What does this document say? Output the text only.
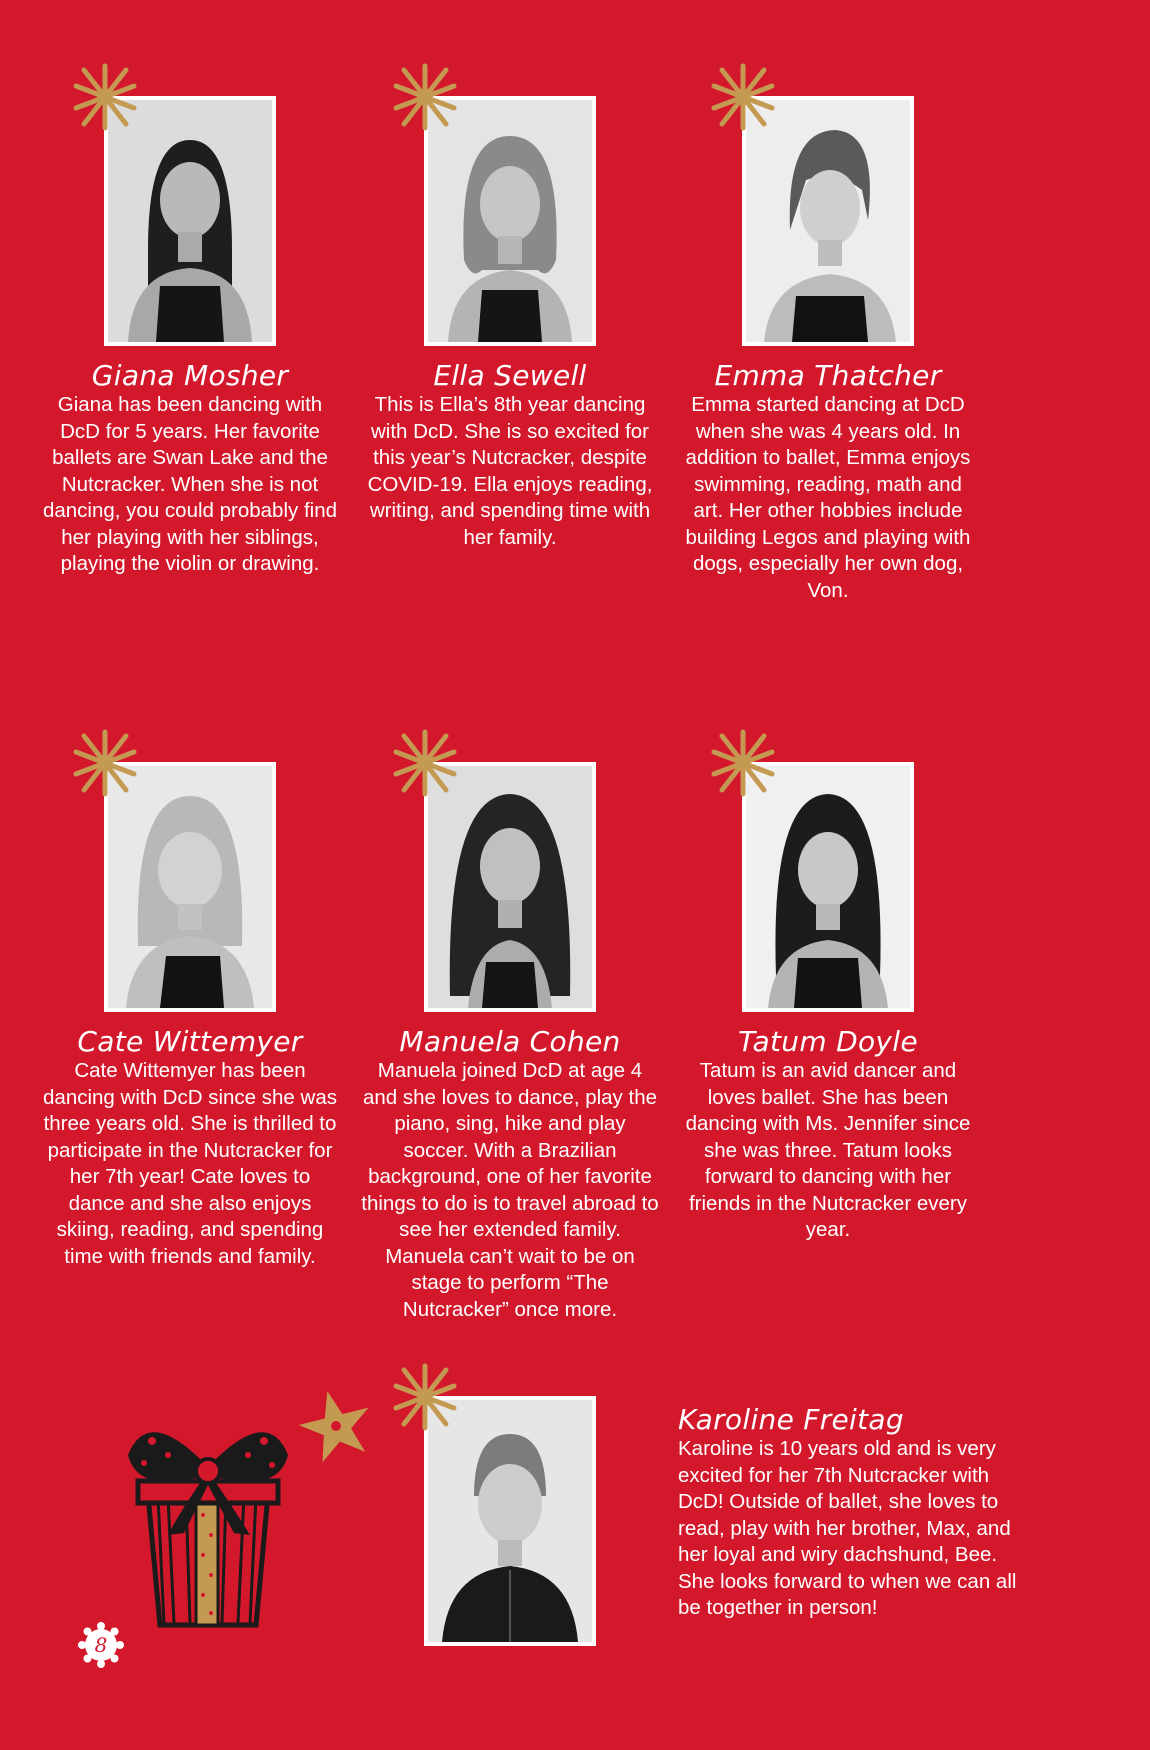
Giana Mosher
Giana has been dancing with DcD for 5 years. Her favorite ballets are Swan Lake and the Nutcracker. When she is not dancing, you could probably find her playing with her siblings, playing the violin or drawing.
Ella Sewell
This is Ella’s 8th year dancing with DcD. She is so excited for this year’s Nutcracker, despite COVID-19. Ella enjoys reading, writing, and spending time with her family.
Emma Thatcher
Emma started dancing at DcD when she was 4 years old. In addition to ballet, Emma enjoys swimming, reading, math and art. Her other hobbies include building Legos and playing with dogs, especially her own dog, Von.
Cate Wittemyer
Cate Wittemyer has been dancing with DcD since she was three years old. She is thrilled to participate in the Nutcracker for her 7th year! Cate loves to dance and she also enjoys skiing, reading, and spending time with friends and family.
Manuela Cohen
Manuela joined DcD at age 4 and she loves to dance, play the piano, sing, hike and play soccer. With a Brazilian background, one of her favorite things to do is to travel abroad to see her extended family. Manuela can’t wait to be on stage to perform “The Nutcracker” once more.
Tatum Doyle
Tatum is an avid dancer and loves ballet. She has been dancing with Ms. Jennifer since she was three. Tatum looks forward to dancing with her friends in the Nutcracker every year.
Karoline Freitag
Karoline is 10 years old and is very excited for her 7th Nutcracker with DcD! Outside of ballet, she loves to read, play with her brother, Max, and her loyal and wiry dachshund, Bee. She looks forward to when we can all be together in person!
8
